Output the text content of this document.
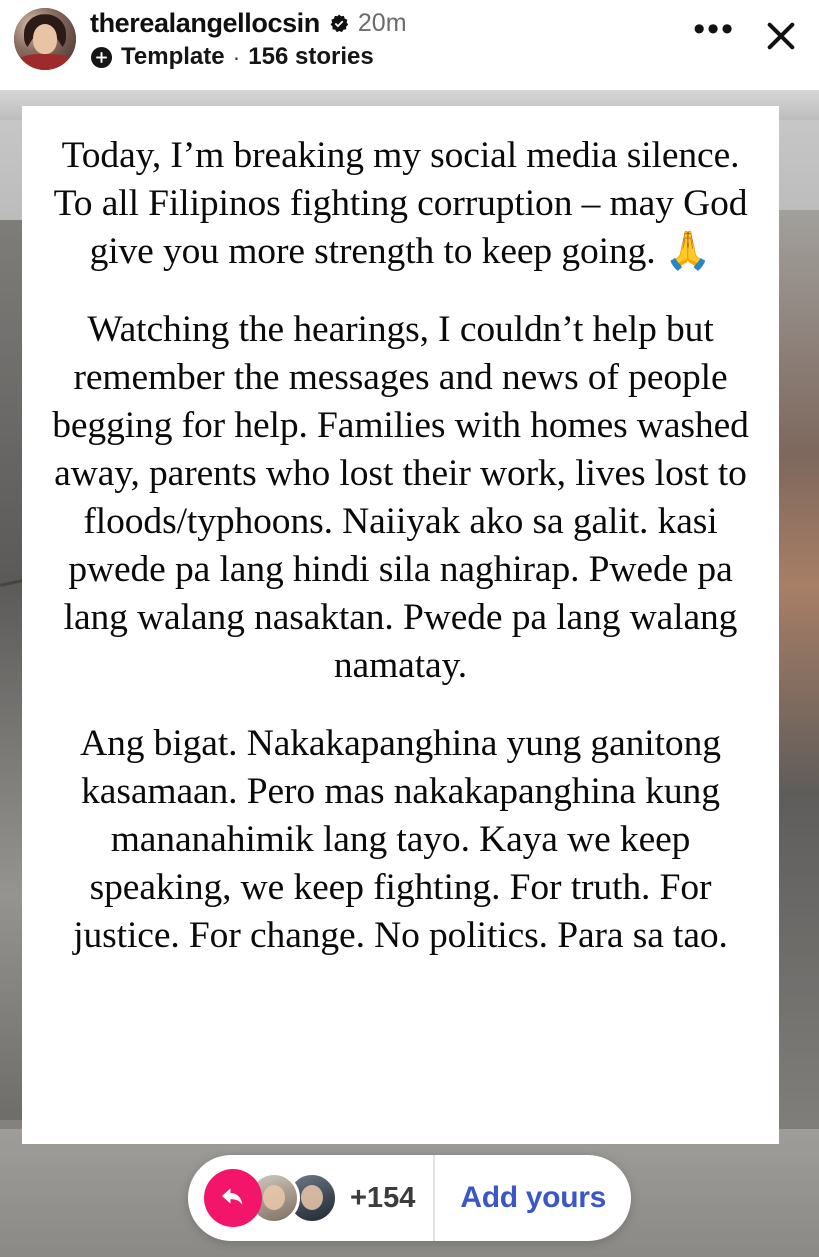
therealangellocsin 20m
Template · 156 stories
•••

Today, I’m breaking my social media silence. To all Filipinos fighting corruption – may God give you more strength to keep going. 🙏

Watching the hearings, I couldn’t help but remember the messages and news of people begging for help. Families with homes washed away, parents who lost their work, lives lost to floods/typhoons. Naiiyak ako sa galit. kasi pwede pa lang hindi sila naghirap. Pwede pa lang walang nasaktan. Pwede pa lang walang namatay.

Ang bigat. Nakakapanghina yung ganitong kasamaan. Pero mas nakakapanghina kung mananahimik lang tayo. Kaya we keep speaking, we keep fighting. For truth. For justice. For change. No politics. Para sa tao.

+154 Add yours
